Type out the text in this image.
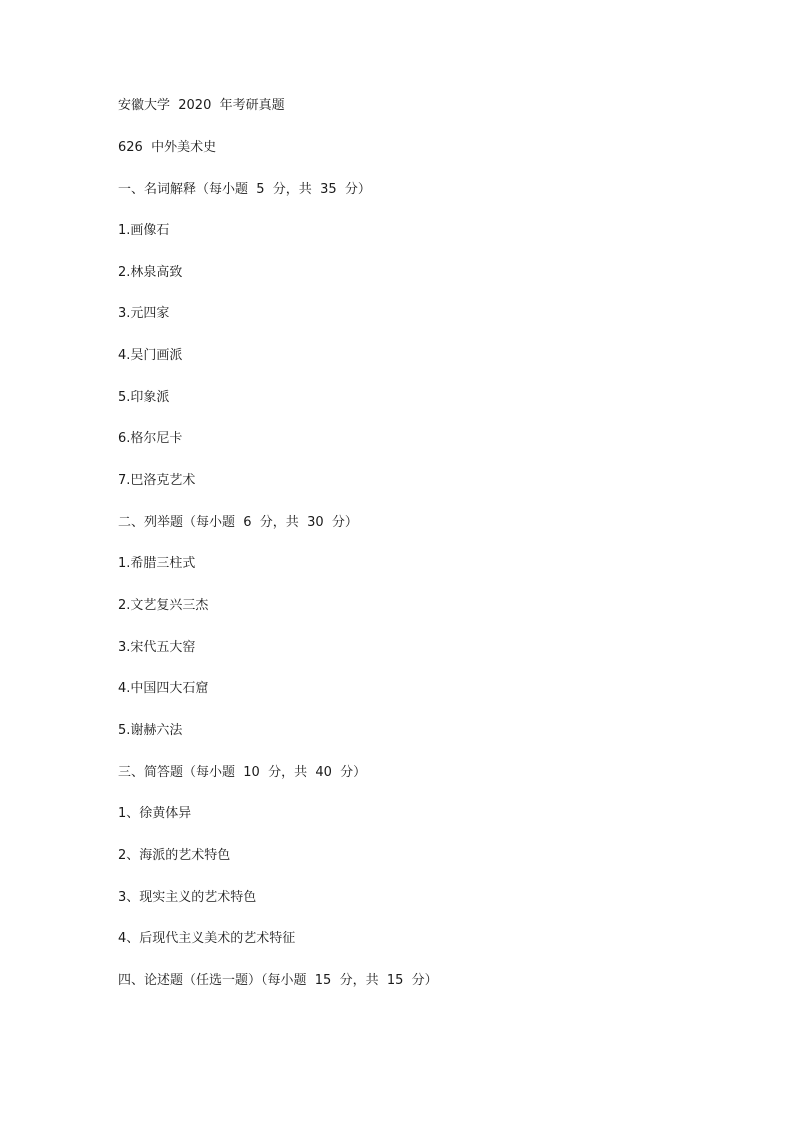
安徽大学  2020  年考研真题
626  中外美术史
一、名词解释（每小题  5  分，共  35  分）
1.画像石
2.林泉高致
3.元四家
4.吴门画派
5.印象派
6.格尔尼卡
7.巴洛克艺术
二、列举题（每小题  6  分，共  30  分）
1.希腊三柱式
2.文艺复兴三杰
3.宋代五大窑
4.中国四大石窟
5.谢赫六法
三、简答题（每小题  10  分，共  40  分）
1、徐黄体异
2、海派的艺术特色
3、现实主义的艺术特色
4、后现代主义美术的艺术特征
四、论述题（任选一题）（每小题  15  分，共  15  分）
